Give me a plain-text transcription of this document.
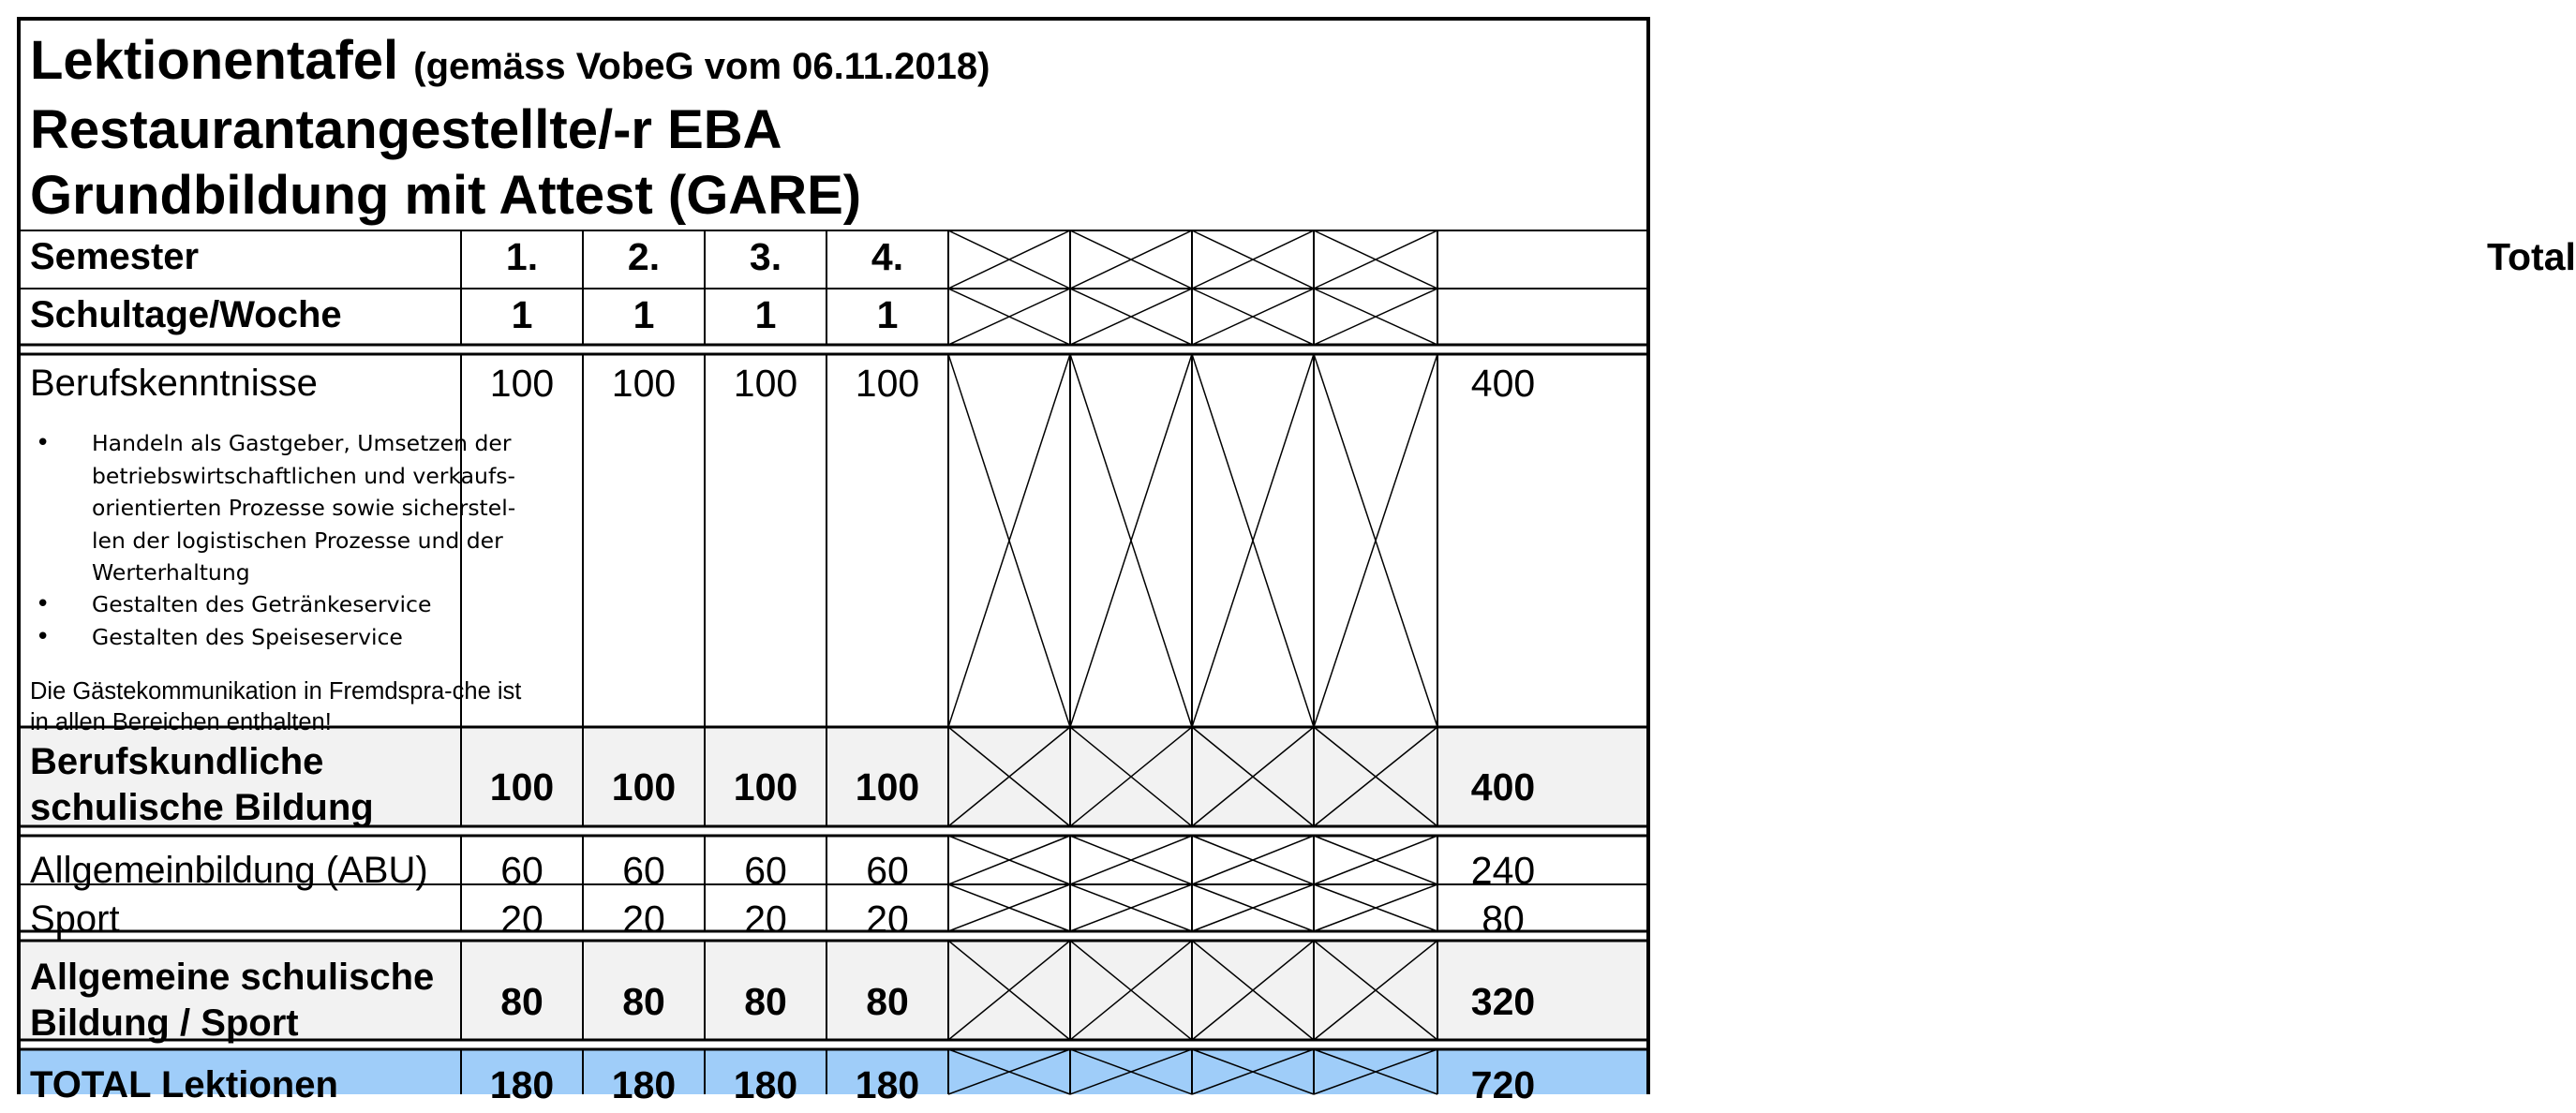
Lektionentafel (gemäss VobeG vom 06.11.2018)
Restaurantangestellte/-r EBA
Grundbildung mit Attest (GARE)
Semester	1.	2.	3.	4.	Total
Schultage/Woche	1	1	1	1
Berufskenntnisse	100	100	100	100	400
• Handeln als Gastgeber, Umsetzen der betriebswirtschaftlichen und verkaufs-orientierten Prozesse sowie sicherstel-len der logistischen Prozesse und der Werterhaltung
• Gestalten des Getränkeservice
• Gestalten des Speiseservice
Die Gästekommunikation in Fremdspra-che ist in allen Bereichen enthalten!
Berufskundliche
schulische Bildung	100	100	100	100	400
Allgemeinbildung (ABU)	60	60	60	60	240
Sport	20	20	20	20	80
Allgemeine schulische
Bildung / Sport	80	80	80	80	320
TOTAL Lektionen	180	180	180	180	720
